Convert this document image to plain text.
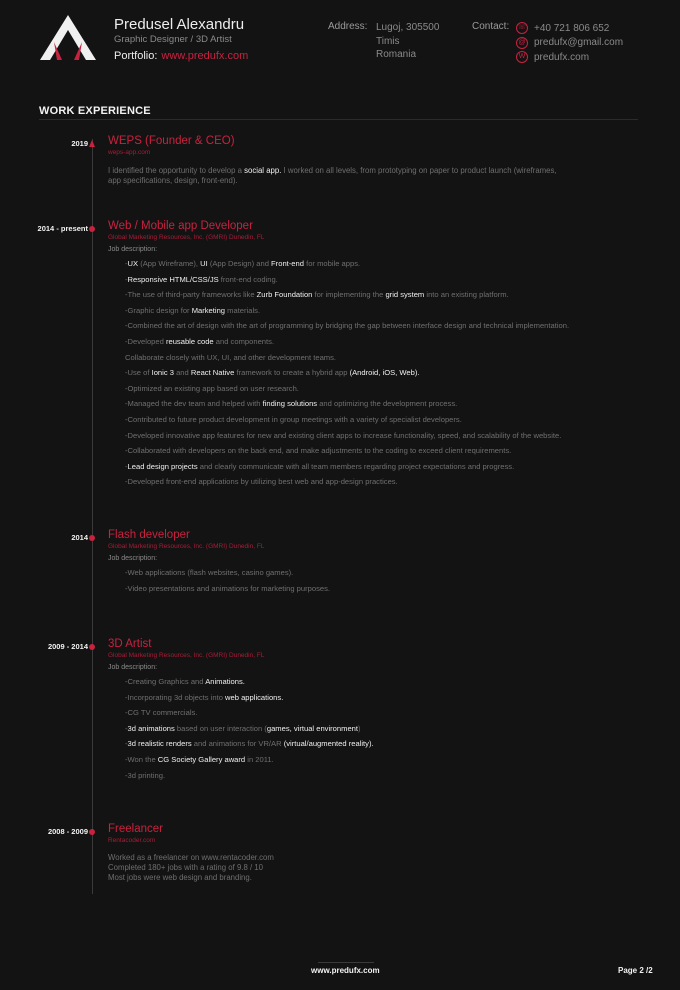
Predusel Alexandru
Graphic Designer / 3D Artist
Portfolio: www.predufx.com
Address: Lugoj, 305500
Timis
Romania
Contact: ☏ +40 721 806 652
@ predufx@gmail.com
W predufx.com
WORK EXPERIENCE
2019 WEPS (Founder & CEO)
weps-app.com
I identified the opportunity to develop a social app. I worked on all levels, from prototyping on paper to product launch (wireframes,
app specifications, design, front-end).
2014 - present Web / Mobile app Developer
Global Marketing Resources, Inc. (GMRI) Dunedin, FL
Job description:
-UX (App Wireframe), UI (App Design) and Front-end for mobile apps.
-Responsive HTML/CSS/JS front-end coding.
-The use of third-party frameworks like Zurb Foundation for implementing the grid system into an existing platform.
-Graphic design for Marketing materials.
-Combined the art of design with the art of programming by bridging the gap between interface design and technical implementation.
-Developed reusable code and components.
Collaborate closely with UX, UI, and other development teams.
-Use of Ionic 3 and React Native framework to create a hybrid app (Android, iOS, Web).
-Optimized an existing app based on user research.
-Managed the dev team and helped with finding solutions and optimizing the development process.
-Contributed to future product development in group meetings with a variety of specialist developers.
-Developed innovative app features for new and existing client apps to increase functionality, speed, and scalability of the website.
-Collaborated with developers on the back end, and make adjustments to the coding to exceed client requirements.
-Lead design projects and clearly communicate with all team members regarding project expectations and progress.
-Developed front-end applications by utilizing best web and app-design practices.
2014 Flash developer
Global Marketing Resources, Inc. (GMRI) Dunedin, FL
Job description:
-Web applications (flash websites, casino games).
-Video presentations and animations for marketing purposes.
2009 - 2014 3D Artist
Global Marketing Resources, Inc. (GMRI) Dunedin, FL
Job description:
-Creating Graphics and Animations.
-Incorporating 3d objects into web applications.
-CG TV commercials.
-3d animations based on user interaction (games, virtual environment)
-3d realistic renders and animations for VR/AR (virtual/augmented reality).
-Won the CG Society Gallery award in 2011.
-3d printing.
2008 - 2009 Freelancer
Rentacoder.com
Worked as a freelancer on www.rentacoder.com
Completed 180+ jobs with a rating of 9.8 / 10
Most jobs were web design and branding.
www.predufx.com	Page 2 /2
